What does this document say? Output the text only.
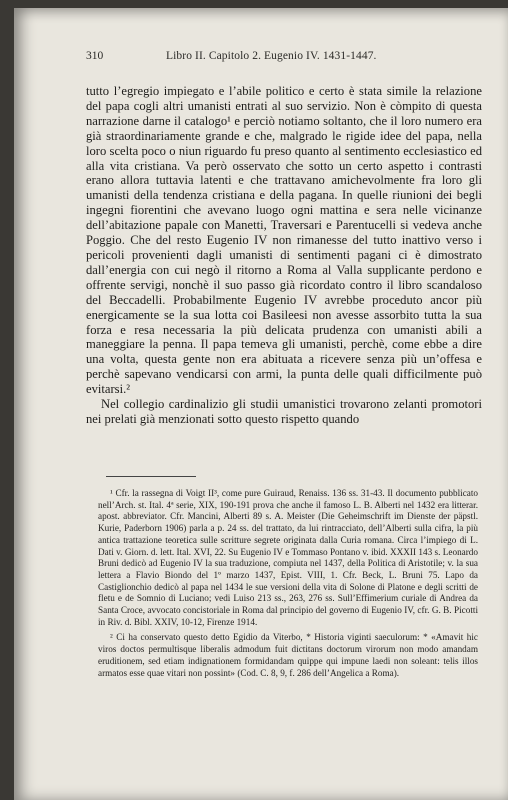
310	Libro II. Capitolo 2. Eugenio IV. 1431-1447.

tutto l’egregio impiegato e l’abile politico e certo è stata simile la relazione del papa cogli altri umanisti entrati al suo servizio. Non è còmpito di questa narrazione darne il catalogo¹ e perciò notiamo soltanto, che il loro numero era già straordinariamente grande e che, malgrado le rigide idee del papa, nella loro scelta poco o niun riguardo fu preso quanto al sentimento ecclesiastico ed alla vita cristiana. Va però osservato che sotto un certo aspetto i contrasti erano allora tuttavia latenti e che trattavano amichevolmente fra loro gli umanisti della tendenza cristiana e della pagana. In quelle riunioni dei begli ingegni fiorentini che avevano luogo ogni mattina e sera nelle vicinanze dell’abitazione papale con Manetti, Traversari e Parentucelli si vedeva anche Poggio. Che del resto Eugenio IV non rimanesse del tutto inattivo verso i pericoli provenienti dagli umanisti di sentimenti pagani ci è dimostrato dall’energia con cui negò il ritorno a Roma al Valla supplicante perdono e offrente servigi, nonchè il suo passo già ricordato contro il libro scandaloso del Beccadelli. Probabilmente Eugenio IV avrebbe proceduto ancor più energicamente se la sua lotta coi Basileesi non avesse assorbito tutta la sua forza e resa necessaria la più delicata prudenza con umanisti abili a maneggiare la penna. Il papa temeva gli umanisti, perchè, come ebbe a dire una volta, questa gente non era abituata a ricevere senza più un’offesa e perchè sapevano vendicarsi con armi, la punta delle quali difficilmente può evitarsi.²

Nel collegio cardinalizio gli studii umanistici trovarono zelanti promotori nei prelati già menzionati sotto questo rispetto quando

¹ Cfr. la rassegna di Voigt II³, come pure Guiraud, Renaiss. 136 ss. 31-43. Il documento pubblicato nell’Arch. st. Ital. 4ª serie, XIX, 190-191 prova che anche il famoso L. B. Alberti nel 1432 era litterar. apost. abbreviator. Cfr. Mancini, Alberti 89 s. A. Meister (Die Geheimschrift im Dienste der päpstl. Kurie, Paderborn 1906) parla a p. 24 ss. del trattato, da lui rintracciato, dell’Alberti sulla cifra, la più antica trattazione teoretica sulle scritture segrete originata dalla Curia romana. Circa l’impiego di L. Dati v. Giorn. d. lett. Ital. XVI, 22. Su Eugenio IV e Tommaso Pontano v. ibid. XXXII 143 s. Leonardo Bruni dedicò ad Eugenio IV la sua traduzione, compiuta nel 1437, della Politica di Aristotile; v. la sua lettera a Flavio Biondo del 1º marzo 1437, Epist. VIII, 1. Cfr. Beck, L. Bruni 75. Lapo da Castiglionchio dedicò al papa nel 1434 le sue versioni della vita di Solone di Platone e degli scritti de fletu e de Somnio di Luciano; vedi Luiso 213 ss., 263, 276 ss. Sull’Effimerium curiale di Andrea da Santa Croce, avvocato concistoriale in Roma dal principio del governo di Eugenio IV, cfr. G. B. Picotti in Riv. d. Bibl. XXIV, 10-12, Firenze 1914.

² Ci ha conservato questo detto Egidio da Viterbo, * Historia viginti saeculorum: * «Amavit hic viros doctos permultisque liberalis admodum fuit dictitans doctorum virorum non modo amandam eruditionem, sed etiam indignationem formidandam quippe qui impune laedi non soleant: telis illos armatos esse quae vitari non possint» (Cod. C. 8, 9, f. 286 dell’Angelica a Roma).
